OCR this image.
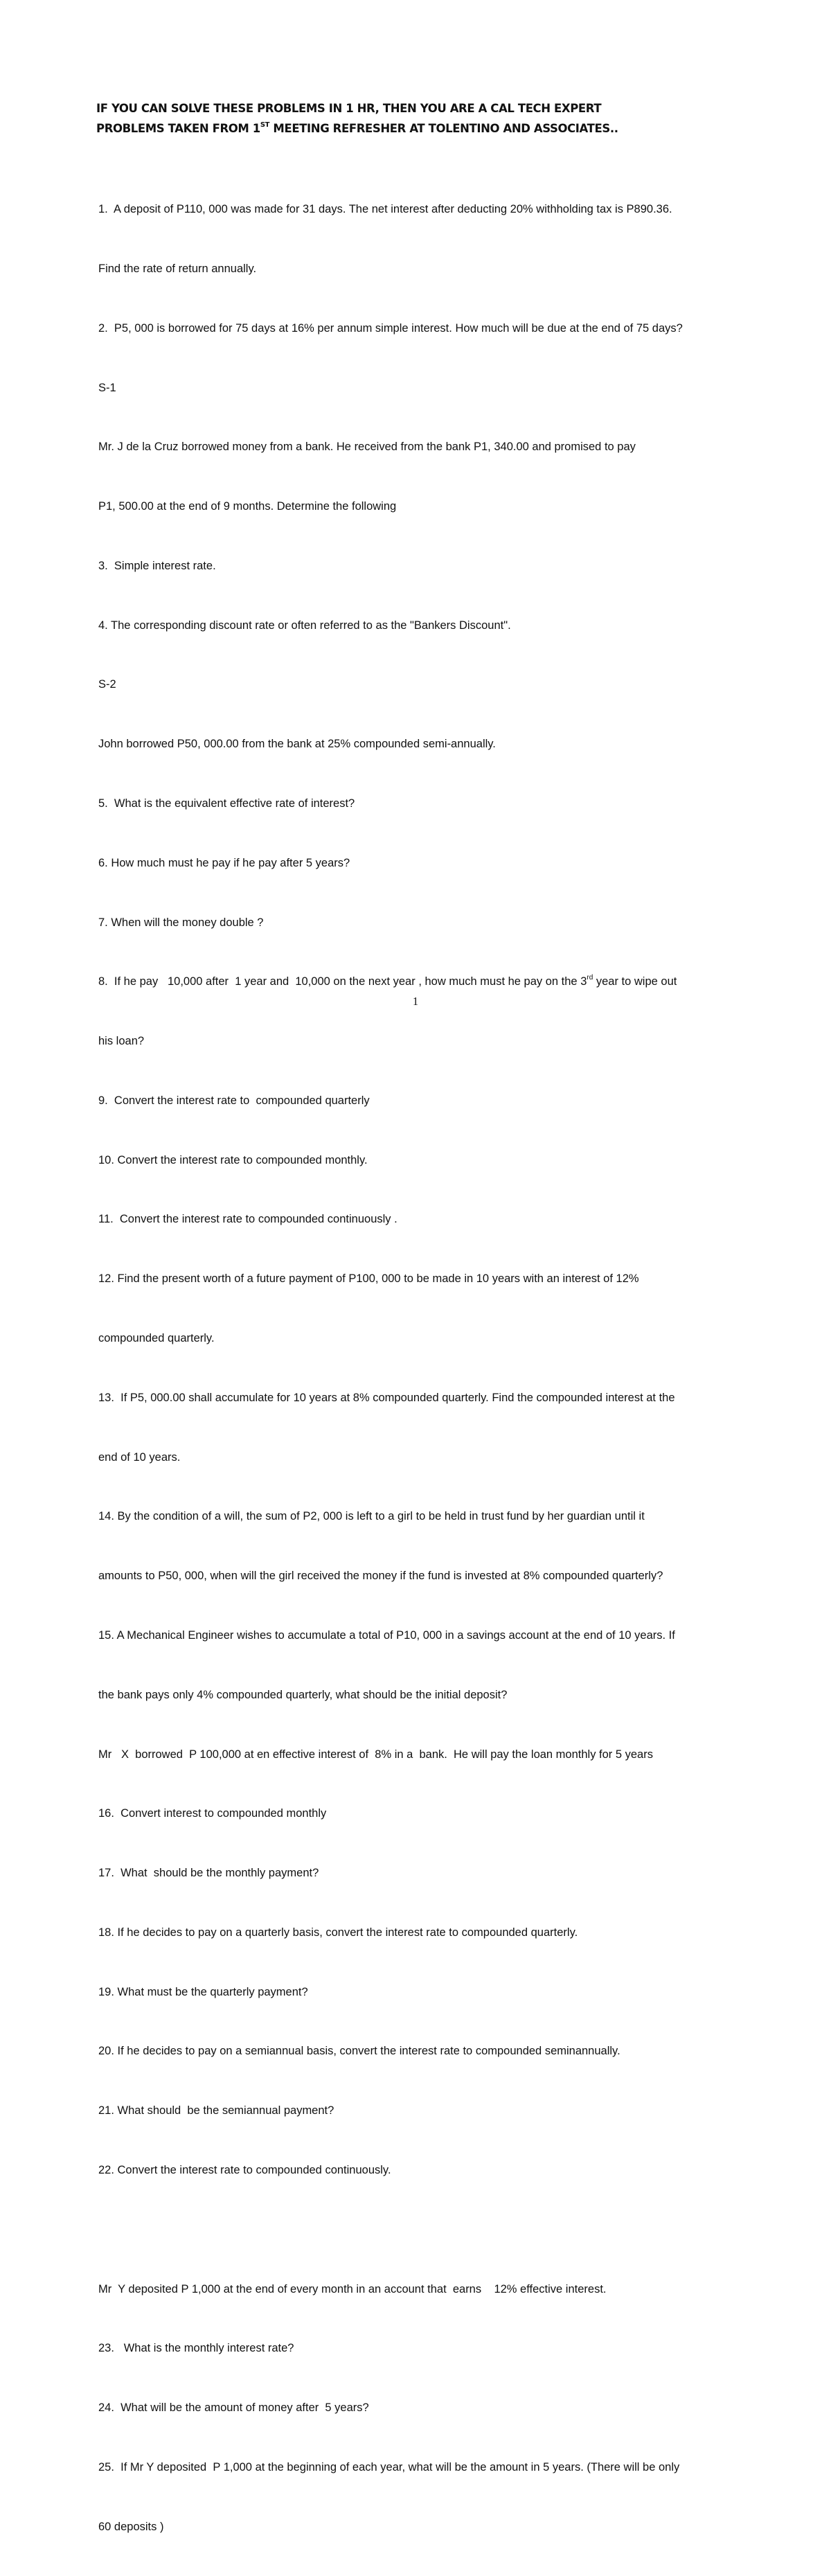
IF YOU CAN SOLVE THESE PROBLEMS IN 1 HR, THEN YOU ARE A CAL TECH EXPERT
PROBLEMS TAKEN FROM 1ST MEETING REFRESHER AT TOLENTINO AND ASSOCIATES..

1.  A deposit of P110, 000 was made for 31 days. The net interest after deducting 20% withholding tax is P890.36.

Find the rate of return annually.

2.  P5, 000 is borrowed for 75 days at 16% per annum simple interest. How much will be due at the end of 75 days?

S-1

Mr. J de la Cruz borrowed money from a bank. He received from the bank P1, 340.00 and promised to pay

P1, 500.00 at the end of 9 months. Determine the following

3.  Simple interest rate.

4. The corresponding discount rate or often referred to as the "Bankers Discount".

S-2

John borrowed P50, 000.00 from the bank at 25% compounded semi-annually.

5.  What is the equivalent effective rate of interest?

6. How much must he pay if he pay after 5 years?

7. When will the money double ?

8.  If he pay   10,000 after  1 year and  10,000 on the next year , how much must he pay on the 3rd year to wipe out

his loan?

9.  Convert the interest rate to  compounded quarterly

10. Convert the interest rate to compounded monthly.

11.  Convert the interest rate to compounded continuously .

12. Find the present worth of a future payment of P100, 000 to be made in 10 years with an interest of 12%

compounded quarterly.

13.  If P5, 000.00 shall accumulate for 10 years at 8% compounded quarterly. Find the compounded interest at the

end of 10 years.

14. By the condition of a will, the sum of P2, 000 is left to a girl to be held in trust fund by her guardian until it

amounts to P50, 000, when will the girl received the money if the fund is invested at 8% compounded quarterly?

15. A Mechanical Engineer wishes to accumulate a total of P10, 000 in a savings account at the end of 10 years. If

the bank pays only 4% compounded quarterly, what should be the initial deposit?

Mr   X  borrowed  P 100,000 at en effective interest of  8% in a  bank.  He will pay the loan monthly for 5 years

16.  Convert interest to compounded monthly

17.  What  should be the monthly payment?

18. If he decides to pay on a quarterly basis, convert the interest rate to compounded quarterly.

19. What must be the quarterly payment?

20. If he decides to pay on a semiannual basis, convert the interest rate to compounded seminannually.

21. What should  be the semiannual payment?

22. Convert the interest rate to compounded continuously.

Mr  Y deposited P 1,000 at the end of every month in an account that  earns    12% effective interest.

23.   What is the monthly interest rate?

24.  What will be the amount of money after  5 years?

25.  If Mr Y deposited  P 1,000 at the beginning of each year, what will be the amount in 5 years. (There will be only

60 deposits )

1
